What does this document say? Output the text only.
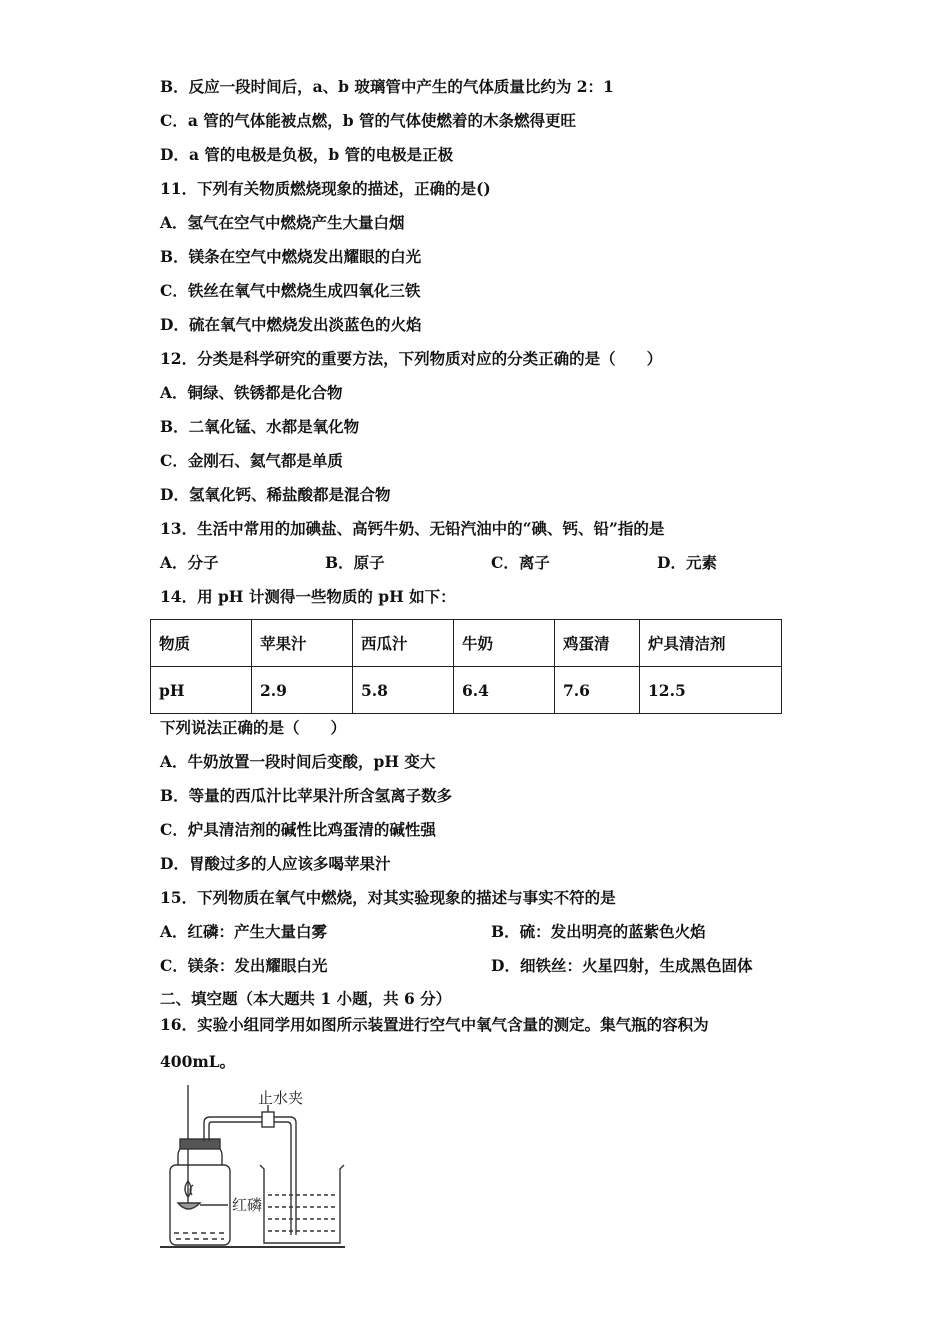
B．反应一段时间后，a、b 玻璃管中产生的气体质量比约为 2：1
C．a 管的气体能被点燃，b 管的气体使燃着的木条燃得更旺
D．a 管的电极是负极，b 管的电极是正极
11．下列有关物质燃烧现象的描述，正确的是()
A．氢气在空气中燃烧产生大量白烟
B．镁条在空气中燃烧发出耀眼的白光
C．铁丝在氧气中燃烧生成四氧化三铁
D．硫在氧气中燃烧发出淡蓝色的火焰
12．分类是科学研究的重要方法，下列物质对应的分类正确的是（　　）
A．铜绿、铁锈都是化合物
B．二氧化锰、水都是氧化物
C．金刚石、氦气都是单质
D．氢氧化钙、稀盐酸都是混合物
13．生活中常用的加碘盐、高钙牛奶、无铅汽油中的“碘、钙、铅”指的是
A．分子	B．原子	C．离子	D．元素
14．用 pH 计测得一些物质的 pH 如下：
物质	苹果汁	西瓜汁	牛奶	鸡蛋清	炉具清洁剂
pH	2.9	5.8	6.4	7.6	12.5
下列说法正确的是（　　）
A．牛奶放置一段时间后变酸，pH 变大
B．等量的西瓜汁比苹果汁所含氢离子数多
C．炉具清洁剂的碱性比鸡蛋清的碱性强
D．胃酸过多的人应该多喝苹果汁
15．下列物质在氧气中燃烧，对其实验现象的描述与事实不符的是
A．红磷：产生大量白雾	B．硫：发出明亮的蓝紫色火焰
C．镁条：发出耀眼白光	D．细铁丝：火星四射，生成黑色固体
二、填空题（本大题共 1 小题，共 6 分）
16．实验小组同学用如图所示装置进行空气中氧气含量的测定。集气瓶的容积为
400mL。
止水夹
红磷
